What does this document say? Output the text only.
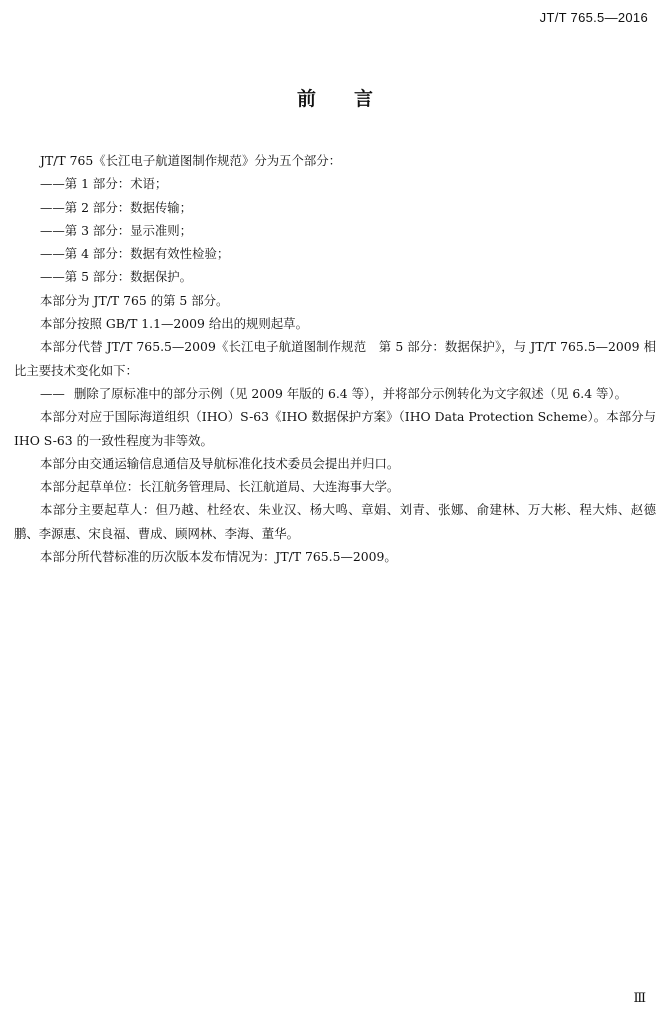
JT/T 765.5—2016
前言

JT/T 765《长江电子航道图制作规范》分为五个部分：

——第 1 部分：术语；

——第 2 部分：数据传输；

——第 3 部分：显示准则；

——第 4 部分：数据有效性检验；

——第 5 部分：数据保护。

本部分为 JT/T 765 的第 5 部分。

本部分按照 GB/T 1.1—2009 给出的规则起草。

本部分代替 JT/T 765.5—2009《长江电子航道图制作规范　第 5 部分：数据保护》，与 JT/T 765.5—2009 相比主要技术变化如下：

—— 删除了原标准中的部分示例（见 2009 年版的 6.4 等），并将部分示例转化为文字叙述（见 6.4 等）。

本部分对应于国际海道组织（IHO）S-63《IHO 数据保护方案》（IHO Data Protection Scheme）。本部分与 IHO S-63 的一致性程度为非等效。

本部分由交通运输信息通信及导航标准化技术委员会提出并归口。

本部分起草单位：长江航务管理局、长江航道局、大连海事大学。

本部分主要起草人：但乃越、杜经农、朱业汉、杨大鸣、章娟、刘青、张娜、俞建林、万大彬、程大炜、赵德鹏、李源惠、宋良福、曹成、顾网林、李海、董华。

本部分所代替标准的历次版本发布情况为：JT/T 765.5—2009。

Ⅲ
